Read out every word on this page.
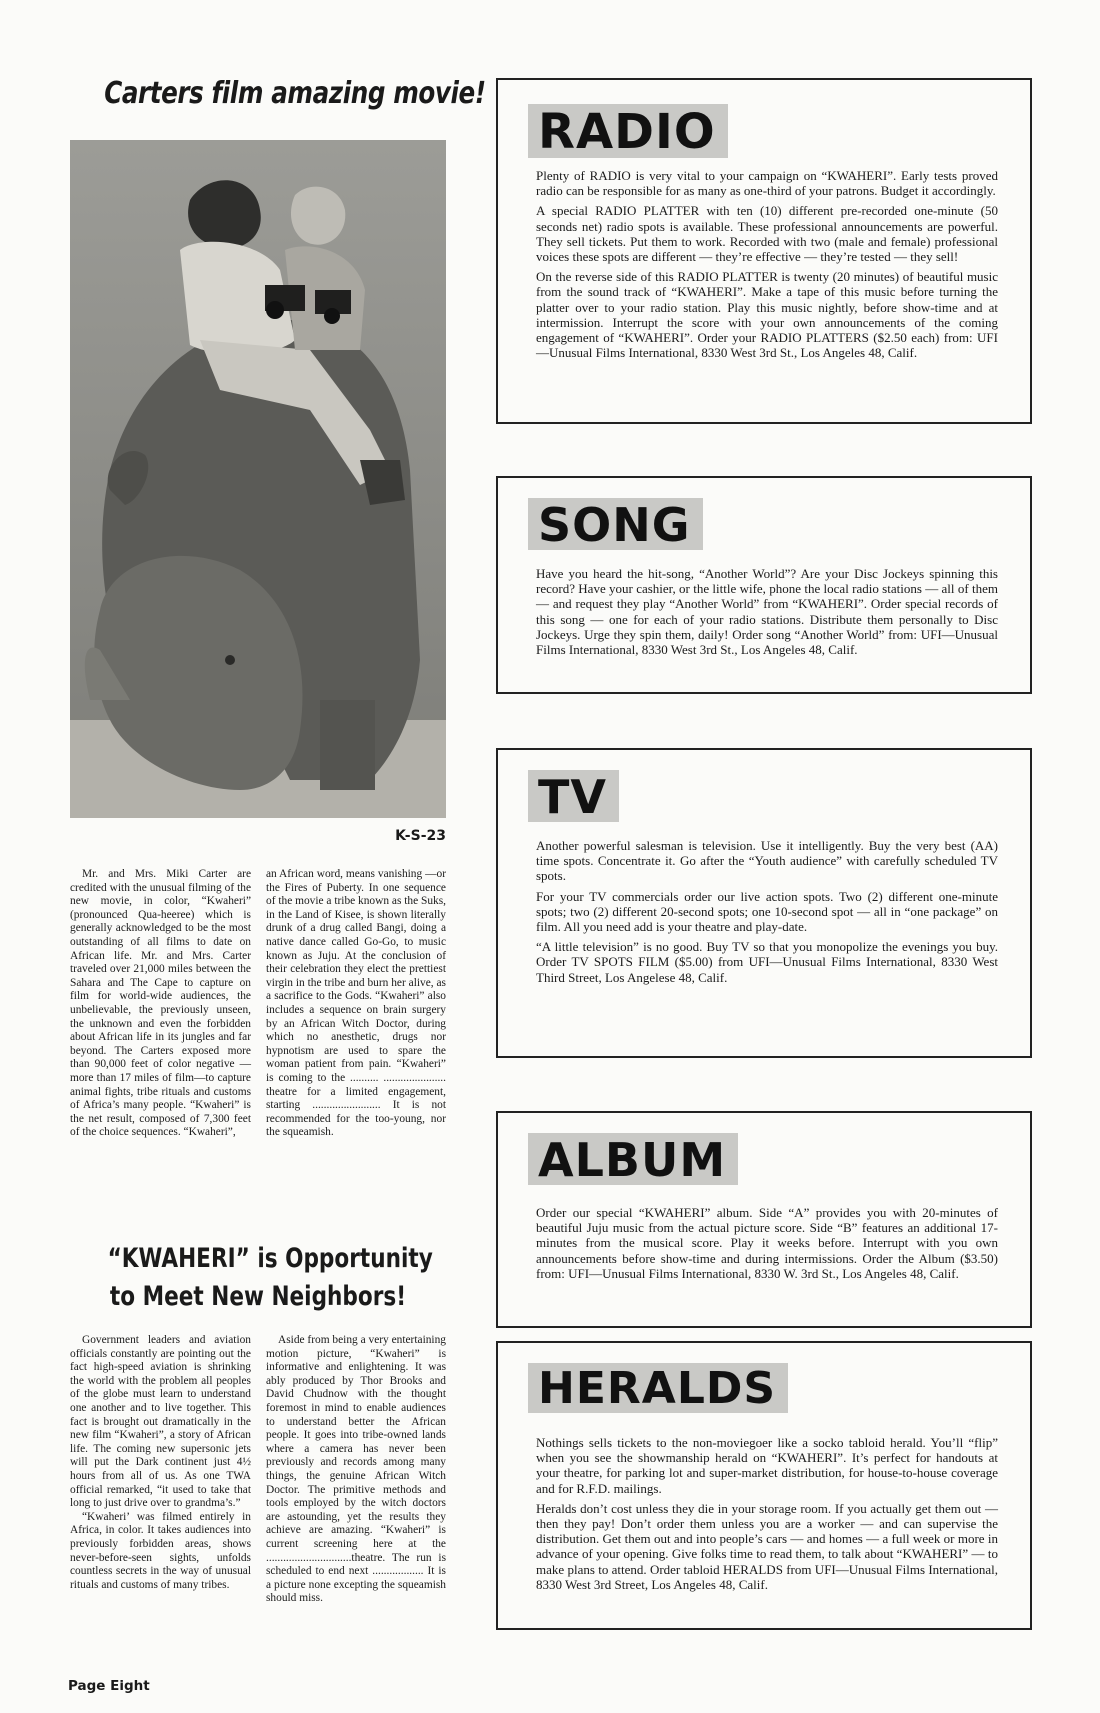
Carters film amazing movie!
K-S-23

Mr. and Mrs. Miki Carter are credited with the unusual filming of the new movie, in color, “Kwaheri” (pronounced Qua-heeree) which is generally acknowledged to be the most outstanding of all films to date on African life. Mr. and Mrs. Carter traveled over 21,000 miles between the Sahara and The Cape to capture on film for world-wide audiences, the unbelievable, the previously unseen, the unknown and even the forbidden about African life in its jungles and far beyond. The Carters exposed more than 90,000 feet of color negative —more than 17 miles of film—to capture animal fights, tribe rituals and customs of Africa’s many people. “Kwaheri” is the net result, composed of 7,300 feet of the choice sequences. “Kwaheri”,

an African word, means vanishing —or the Fires of Puberty. In one sequence of the movie a tribe known as the Suks, in the Land of Kisee, is shown literally drunk of a drug called Bangi, doing a native dance called Go-Go, to music known as Juju. At the conclusion of their celebration they elect the prettiest virgin in the tribe and burn her alive, as a sacrifice to the Gods. “Kwaheri” also includes a sequence on brain surgery by an African Witch Doctor, during which no anesthetic, drugs nor hypnotism are used to spare the woman patient from pain. “Kwaheri” is coming to the .......... ...................... theatre for a limited engagement, starting ........................ It is not recommended for the too-young, nor the squeamish.

“KWAHERI” is Opportunity
to Meet New Neighbors!

Government leaders and aviation officials constantly are pointing out the fact high-speed aviation is shrinking the world with the problem all peoples of the globe must learn to understand one another and to live together. This fact is brought out dramatically in the new film “Kwaheri”, a story of African life. The coming new supersonic jets will put the Dark continent just 4½ hours from all of us. As one TWA official remarked, “it used to take that long to just drive over to grandma’s.”

“Kwaheri’ was filmed entirely in Africa, in color. It takes audiences into previously forbidden areas, shows never-before-seen sights, unfolds countless secrets in the way of unusual rituals and customs of many tribes.

Aside from being a very entertaining motion picture, “Kwaheri” is informative and enlightening. It was ably produced by Thor Brooks and David Chudnow with the thought foremost in mind to enable audiences to understand better the African people. It goes into tribe-owned lands where a camera has never been previously and records among many things, the genuine African Witch Doctor. The primitive methods and tools employed by the witch doctors are astounding, yet the results they achieve are amazing. “Kwaheri” is current screening here at the ..............................theatre. The run is scheduled to end next .................. It is a picture none excepting the squeamish should miss.

Page Eight
RADIO

Plenty of RADIO is very vital to your campaign on “KWAHERI”. Early tests proved radio can be responsible for as many as one-third of your patrons. Budget it accordingly.

A special RADIO PLATTER with ten (10) different pre-recorded one-minute (50 seconds net) radio spots is available. These professional announcements are powerful. They sell tickets. Put them to work. Recorded with two (male and female) professional voices these spots are different — they’re effective — they’re tested — they sell!

On the reverse side of this RADIO PLATTER is twenty (20 minutes) of beautiful music from the sound track of “KWAHERI”. Make a tape of this music before turning the platter over to your radio station. Play this music nightly, before show-time and at intermission. Interrupt the score with your own announcements of the coming engagement of “KWAHERI”. Order your RADIO PLATTERS ($2.50 each) from: UFI—Unusual Films International, 8330 West 3rd St., Los Angeles 48, Calif.

SONG

Have you heard the hit-song, “Another World”? Are your Disc Jockeys spinning this record? Have your cashier, or the little wife, phone the local radio stations — all of them — and request they play “Another World” from “KWAHERI”. Order special records of this song — one for each of your radio stations. Distribute them personally to Disc Jockeys. Urge they spin them, daily! Order song “Another World” from: UFI—Unusual Films International, 8330 West 3rd St., Los Angeles 48, Calif.

TV

Another powerful salesman is television. Use it intelligently. Buy the very best (AA) time spots. Concentrate it. Go after the “Youth audience” with carefully scheduled TV spots.

For your TV commercials order our live action spots. Two (2) different one-minute spots; two (2) different 20-second spots; one 10-second spot — all in “one package” on film. All you need add is your theatre and play-date.

“A little television” is no good. Buy TV so that you monopolize the evenings you buy. Order TV SPOTS FILM ($5.00) from UFI—Unusual Films International, 8330 West Third Street, Los Angelese 48, Calif.

ALBUM

Order our special “KWAHERI” album. Side “A” provides you with 20-minutes of beautiful Juju music from the actual picture score. Side “B” features an additional 17-minutes from the musical score. Play it weeks before. Interrupt with you own announcements before show-time and during intermissions. Order the Album ($3.50) from: UFI—Unusual Films International, 8330 W. 3rd St., Los Angeles 48, Calif.

HERALDS

Nothings sells tickets to the non-moviegoer like a socko tabloid herald. You’ll “flip” when you see the showmanship herald on “KWAHERI”. It’s perfect for handouts at your theatre, for parking lot and super-market distribution, for house-to-house coverage and for R.F.D. mailings.

Heralds don’t cost unless they die in your storage room. If you actually get them out — then they pay! Don’t order them unless you are a worker — and can supervise the distribution. Get them out and into people’s cars — and homes — a full week or more in advance of your opening. Give folks time to read them, to talk about “KWAHERI” — to make plans to attend. Order tabloid HERALDS from UFI—Unusual Films International, 8330 West 3rd Street, Los Angeles 48, Calif.
